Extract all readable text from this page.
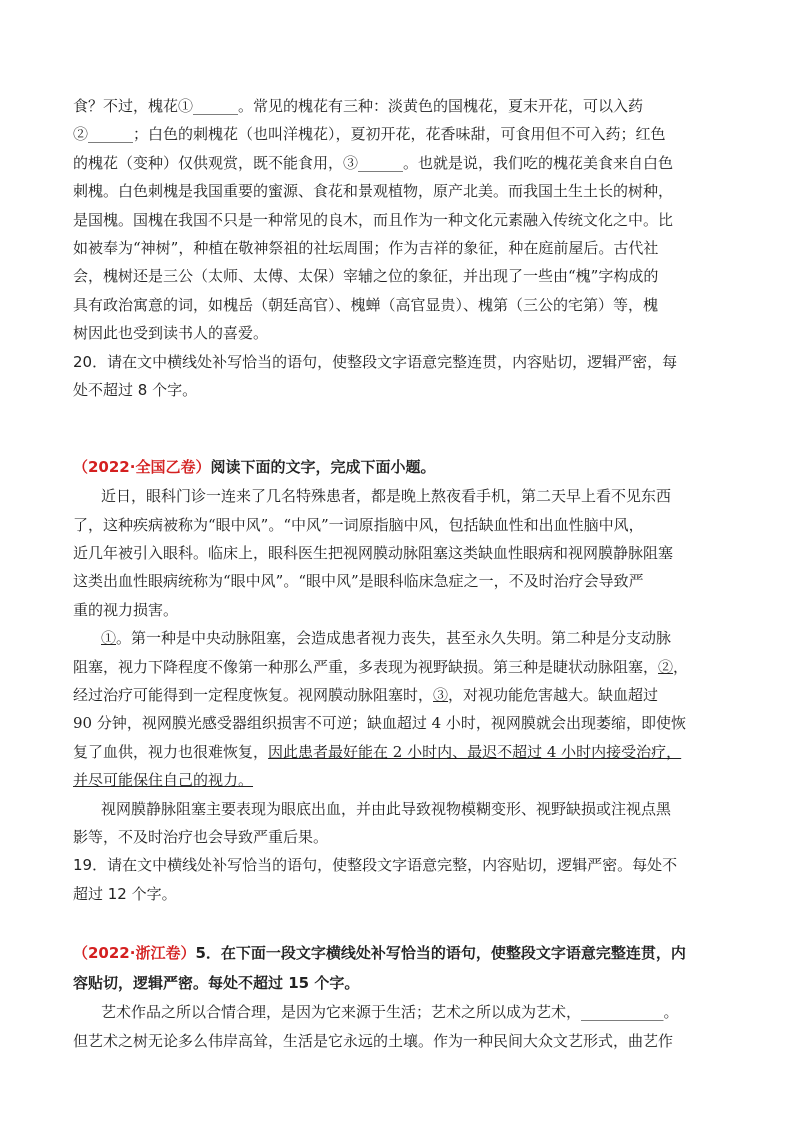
食？不过，槐花①______。常见的槐花有三种：淡黄色的国槐花，夏末开花，可以入药
②______；白色的刺槐花（也叫洋槐花），夏初开花，花香味甜，可食用但不可入药；红色
的槐花（变种）仅供观赏，既不能食用，③______。也就是说，我们吃的槐花美食来自白色
刺槐。白色刺槐是我国重要的蜜源、食花和景观植物，原产北美。而我国土生土长的树种，
是国槐。国槐在我国不只是一种常见的良木，而且作为一种文化元素融入传统文化之中。比
如被奉为“神树”，种植在敬神祭祖的社坛周围；作为吉祥的象征，种在庭前屋后。古代社
会，槐树还是三公（太师、太傅、太保）宰辅之位的象征，并出现了一些由“槐”字构成的
具有政治寓意的词，如槐岳（朝廷高官）、槐蝉（高官显贵）、槐第（三公的宅第）等，槐
树因此也受到读书人的喜爱。
20．请在文中横线处补写恰当的语句，使整段文字语意完整连贯，内容贴切，逻辑严密，每
处不超过 8 个字。
（2022·全国乙卷）阅读下面的文字，完成下面小题。
近日，眼科门诊一连来了几名特殊患者，都是晚上熬夜看手机，第二天早上看不见东西
了，这种疾病被称为“眼中风”。“中风”一词原指脑中风，包括缺血性和出血性脑中风，
近几年被引入眼科。临床上，眼科医生把视网膜动脉阻塞这类缺血性眼病和视网膜静脉阻塞
这类出血性眼病统称为“眼中风”。“眼中风”是眼科临床急症之一，不及时治疗会导致严
重的视力损害。
①。第一种是中央动脉阻塞，会造成患者视力丧失，甚至永久失明。第二种是分支动脉
阻塞，视力下降程度不像第一种那么严重，多表现为视野缺损。第三种是睫状动脉阻塞，②，
经过治疗可能得到一定程度恢复。视网膜动脉阻塞时，③，对视功能危害越大。缺血超过
90 分钟，视网膜光感受器组织损害不可逆；缺血超过 4 小时，视网膜就会出现萎缩，即使恢
复了血供，视力也很难恢复，因此患者最好能在 2 小时内、最迟不超过 4 小时内接受治疗，
并尽可能保住自己的视力。
视网膜静脉阻塞主要表现为眼底出血，并由此导致视物模糊变形、视野缺损或注视点黑
影等，不及时治疗也会导致严重后果。
19．请在文中横线处补写恰当的语句，使整段文字语意完整，内容贴切，逻辑严密。每处不
超过 12 个字。
（2022·浙江卷）5．在下面一段文字横线处补写恰当的语句，使整段文字语意完整连贯，内
容贴切，逻辑严密。每处不超过 15 个字。
艺术作品之所以合情合理，是因为它来源于生活；艺术之所以成为艺术，___________。
但艺术之树无论多么伟岸高耸，生活是它永远的土壤。作为一种民间大众文艺形式，曲艺作
